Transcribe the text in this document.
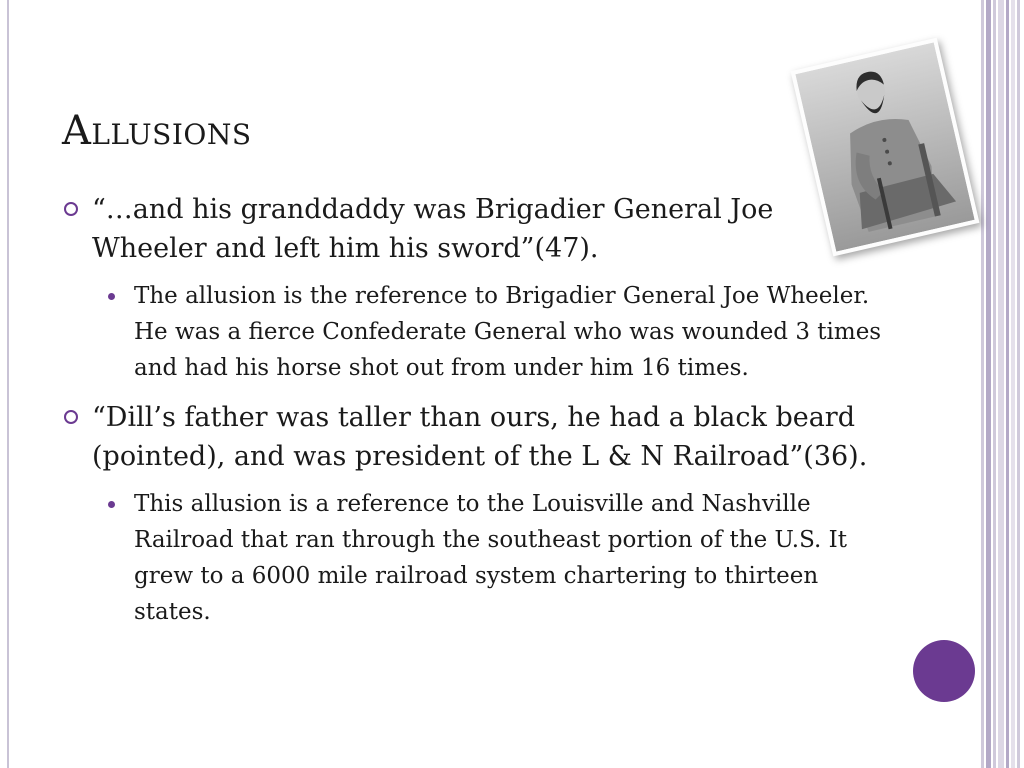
Allusions
“…and his granddaddy was Brigadier General Joe Wheeler and left him his sword”(47).
The allusion is the reference to Brigadier General Joe Wheeler. He was a fierce Confederate General who was wounded 3 times and had his horse shot out from under him 16 times.
“Dill’s father was taller than ours, he had a black beard (pointed), and was president of the L & N Railroad”(36).
This allusion is a reference to the Louisville and Nashville Railroad that ran through the southeast portion of the U.S. It grew to a 6000 mile railroad system chartering to thirteen states.
